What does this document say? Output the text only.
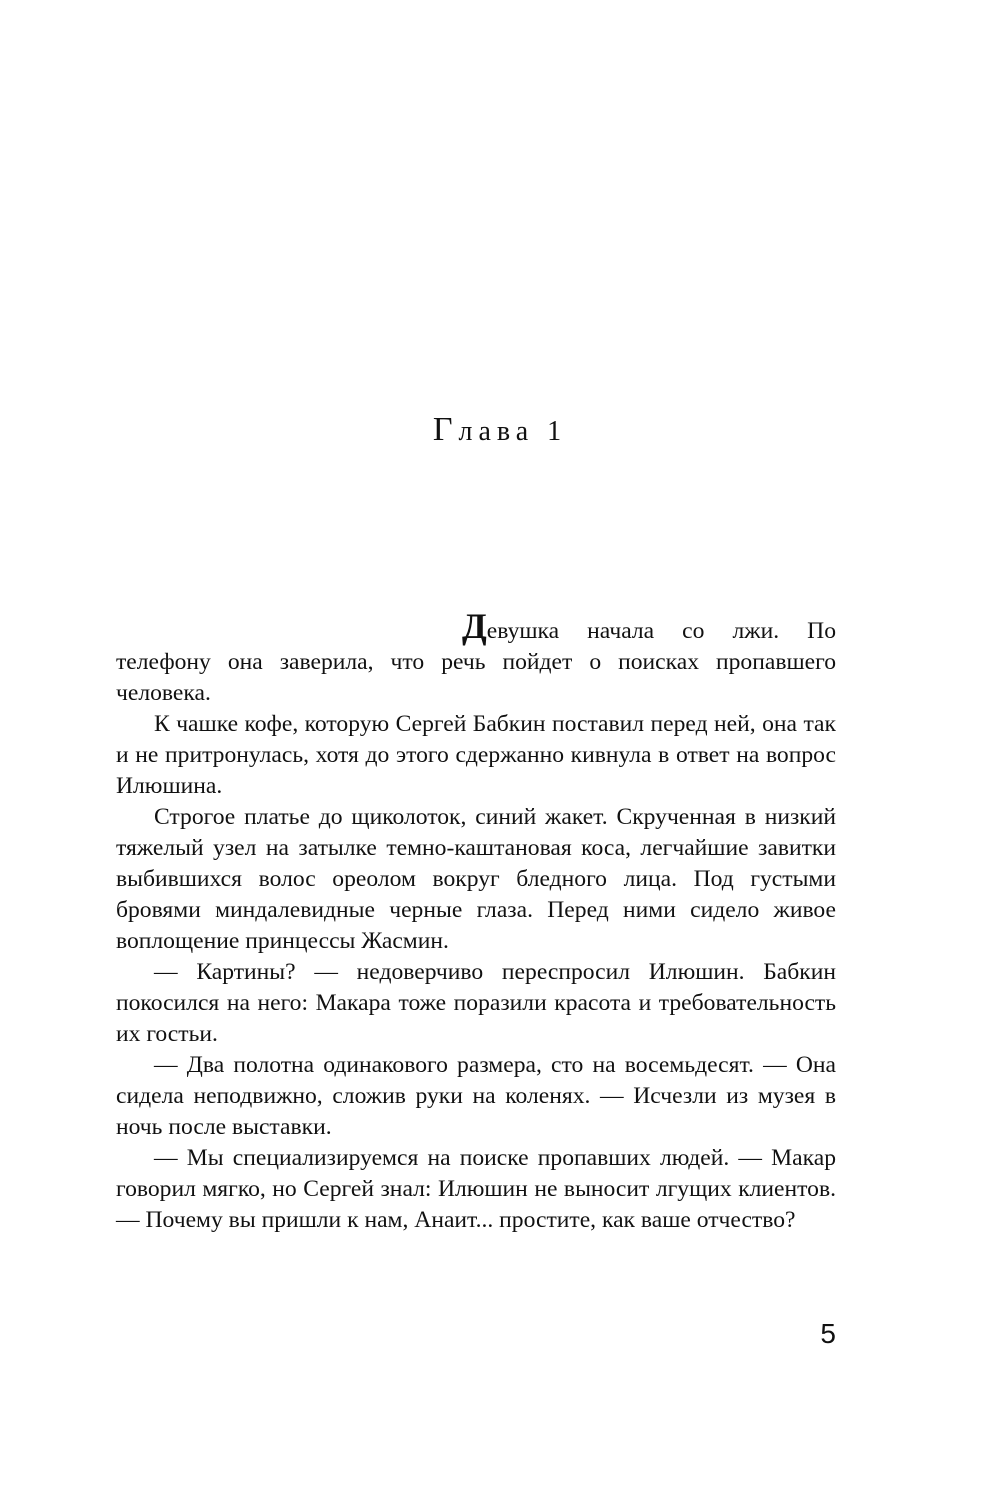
Глава 1

Девушка начала со лжи. По телефону она заверила, что речь пойдет о поисках пропавшего человека.

К чашке кофе, которую Сергей Бабкин поставил перед ней, она так и не притронулась, хотя до этого сдержанно кивнула в ответ на вопрос Илюшина.

Строгое платье до щиколоток, синий жакет. Скрученная в низкий тяжелый узел на затылке темно-каштановая коса, легчайшие завитки выбившихся волос ореолом вокруг бледного лица. Под густыми бровями миндалевидные черные глаза. Перед ними сидело живое воплощение принцессы Жасмин.

— Картины? — недоверчиво переспросил Илюшин. Бабкин покосился на него: Макара тоже поразили красота и требовательность их гостьи.

— Два полотна одинакового размера, сто на восемьдесят. — Она сидела неподвижно, сложив руки на коленях. — Исчезли из музея в ночь после выставки.

— Мы специализируемся на поиске пропавших людей. — Макар говорил мягко, но Сергей знал: Илюшин не выносит лгущих клиентов. — Почему вы пришли к нам, Анаит... простите, как ваше отчество?

5
